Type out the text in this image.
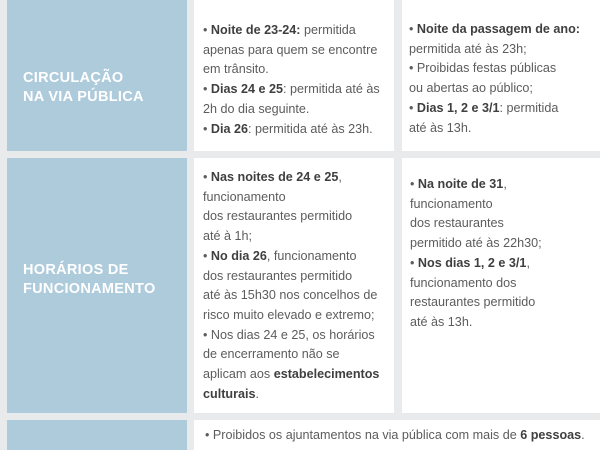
CIRCULAÇÃO
NA VIA PÚBLICA
• Noite de 23-24: permitida
apenas para quem se encontre
em trânsito.
• Dias 24 e 25: permitida até às
2h do dia seguinte.
• Dia 26: permitida até às 23h.
• Noite da passagem de ano:
permitida até às 23h;
• Proibidas festas públicas
ou abertas ao público;
• Dias 1, 2 e 3/1: permitida
até às 13h.
HORÁRIOS DE
FUNCIONAMENTO
• Nas noites de 24 e 25,
funcionamento
dos restaurantes permitido
até à 1h;
• No dia 26, funcionamento
dos restaurantes permitido
até às 15h30 nos concelhos de
risco muito elevado e extremo;
• Nos dias 24 e 25, os horários
de encerramento não se
aplicam aos estabelecimentos
culturais.
• Na noite de 31,
funcionamento
dos restaurantes
permitido até às 22h30;
• Nos dias 1, 2 e 3/1,
funcionamento dos
restaurantes permitido
até às 13h.
• Proibidos os ajuntamentos na via pública com mais de 6 pessoas.
